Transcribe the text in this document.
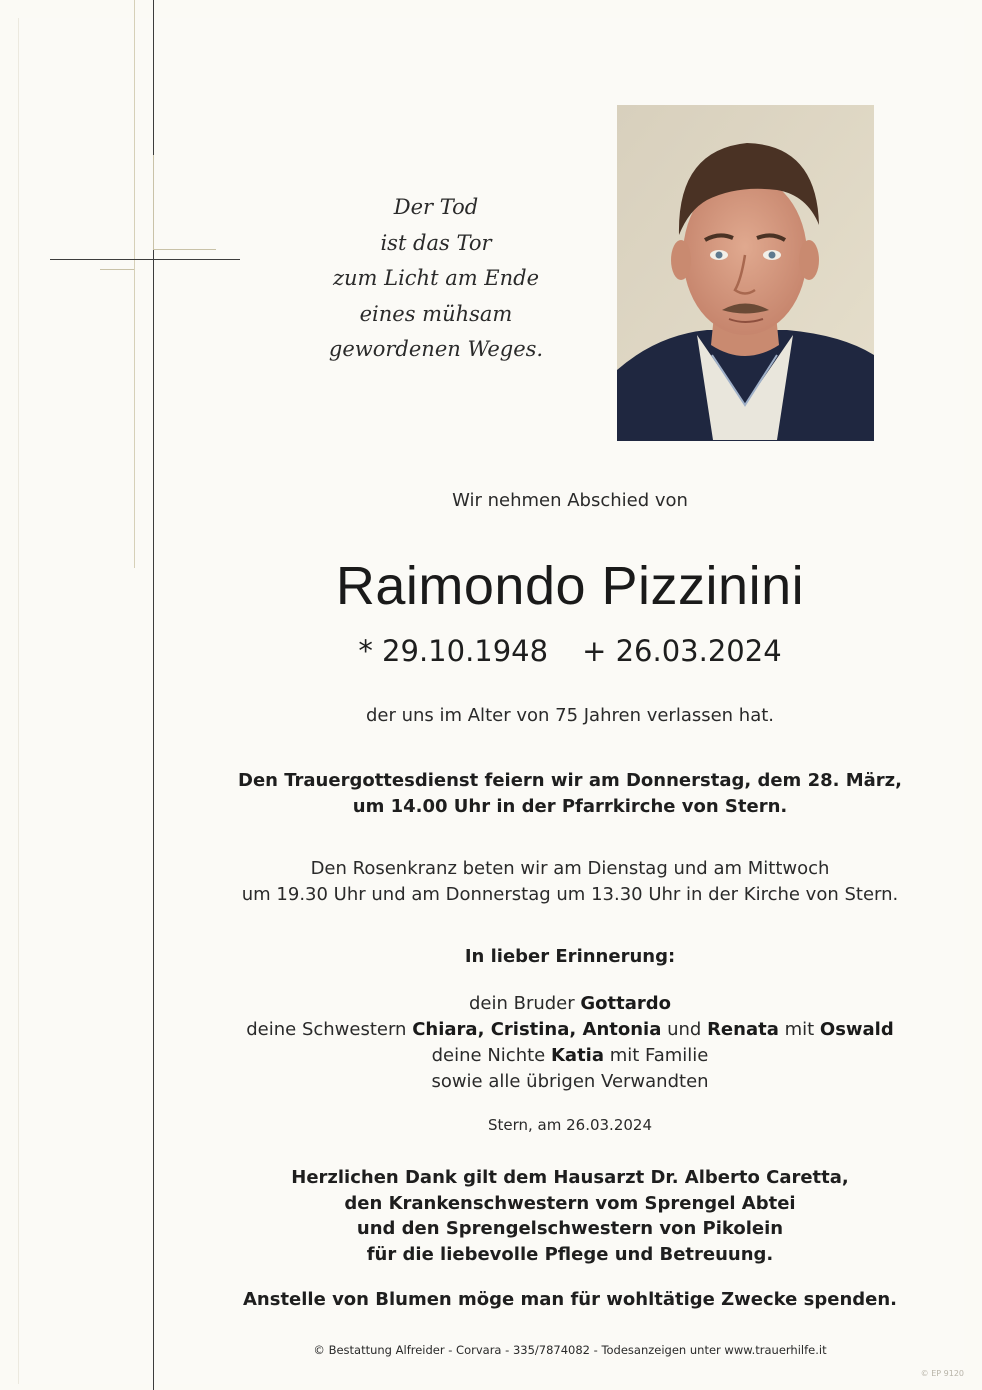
Der Tod
ist das Tor
zum Licht am Ende
eines mühsam
gewordenen Weges.
Wir nehmen Abschied von
Raimondo Pizzinini
* 29.10.1948 + 26.03.2024
der uns im Alter von 75 Jahren verlassen hat.
Den Trauergottesdienst feiern wir am Donnerstag, dem 28. März,
um 14.00 Uhr in der Pfarrkirche von Stern.
Den Rosenkranz beten wir am Dienstag und am Mittwoch
um 19.30 Uhr und am Donnerstag um 13.30 Uhr in der Kirche von Stern.
In lieber Erinnerung:
dein Bruder Gottardo
deine Schwestern Chiara, Cristina, Antonia und Renata mit Oswald
deine Nichte Katia mit Familie
sowie alle übrigen Verwandten
Stern, am 26.03.2024
Herzlichen Dank gilt dem Hausarzt Dr. Alberto Caretta,
den Krankenschwestern vom Sprengel Abtei
und den Sprengelschwestern von Pikolein
für die liebevolle Pflege und Betreuung.
Anstelle von Blumen möge man für wohltätige Zwecke spenden.
© Bestattung Alfreider - Corvara - 335/7874082 - Todesanzeigen unter www.trauerhilfe.it
© EP 9120
